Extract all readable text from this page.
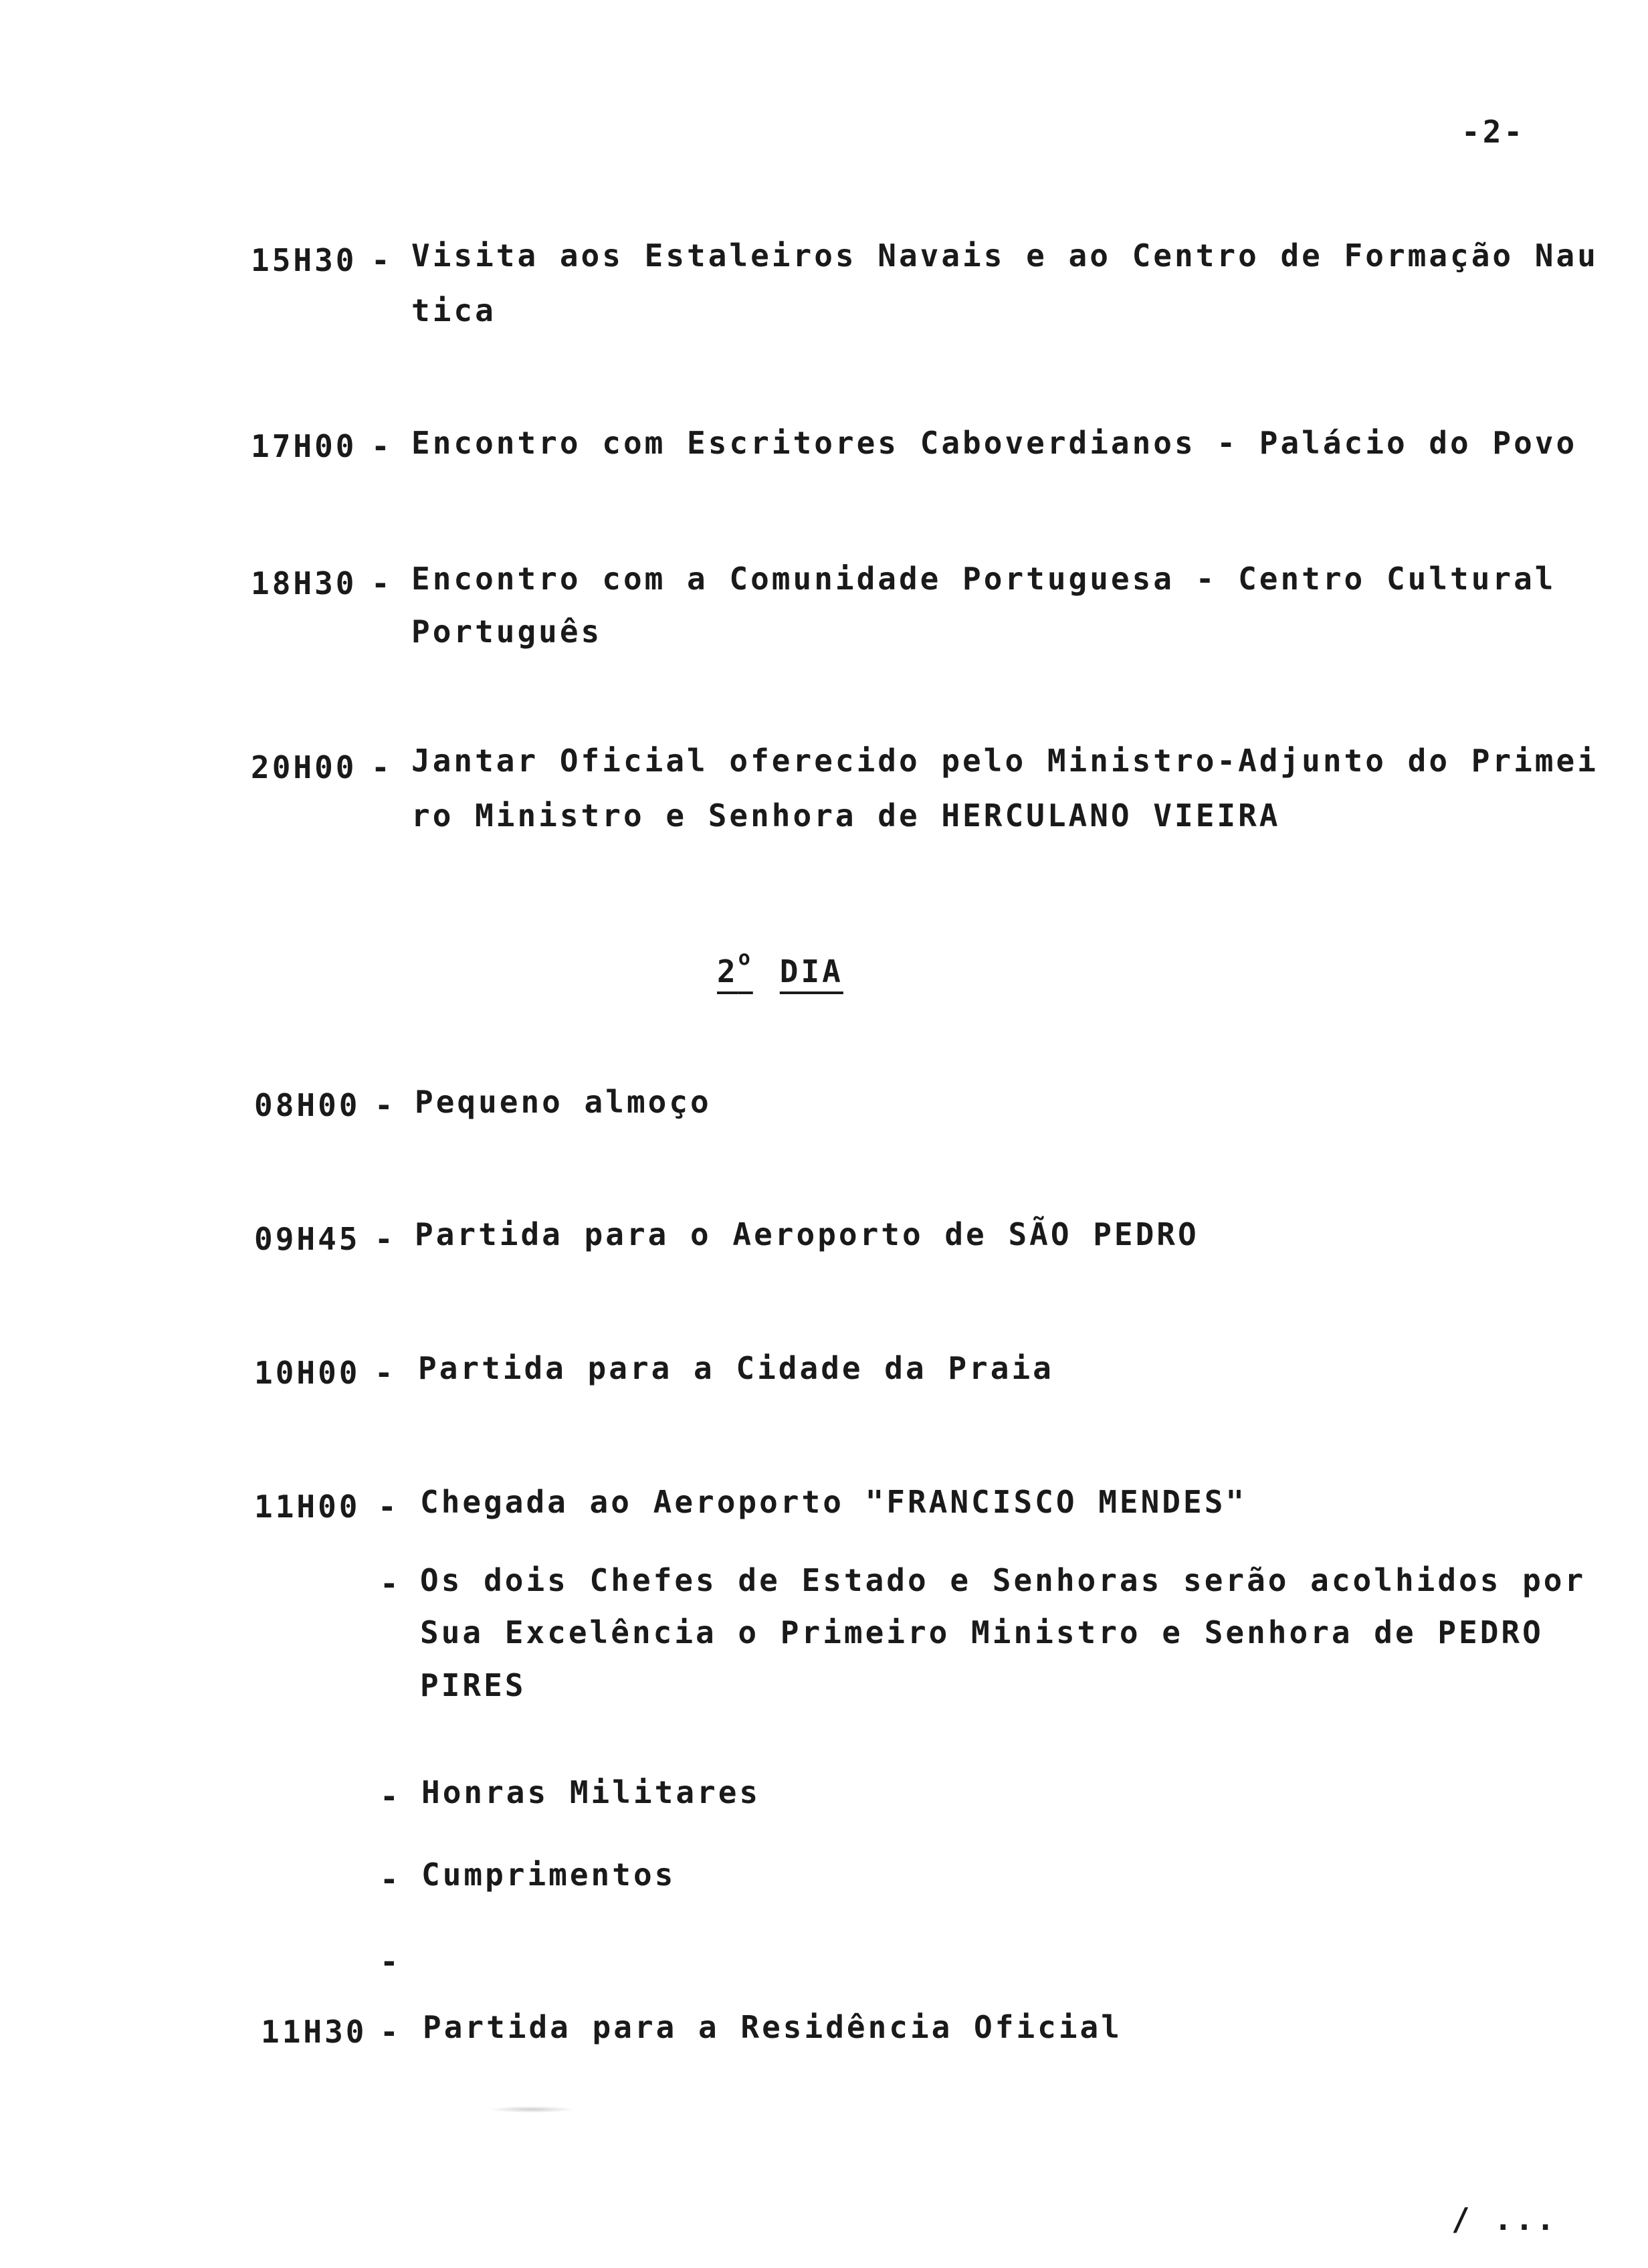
-2-
15H30 - Visita aos Estaleiros Navais e ao Centro de Formação Nau
tica
17H00 - Encontro com Escritores Caboverdianos - Palácio do Povo
18H30 - Encontro com a Comunidade Portuguesa - Centro Cultural
Português
20H00 - Jantar Oficial oferecido pelo Ministro-Adjunto do Primei
ro Ministro e Senhora de HERCULANO VIEIRA
2$^o$ DIA
08H00 - Pequeno almoço
09H45 - Partida para o Aeroporto de SÃO PEDRO
10H00 - Partida para a Cidade da Praia
11H00 - Chegada ao Aeroporto "FRANCISCO MENDES"
- Os dois Chefes de Estado e Senhoras serão acolhidos por
Sua Excelência o Primeiro Ministro e Senhora de PEDRO
PIRES
- Honras Militares
- Cumprimentos
-
11H30 - Partida para a Residência Oficial
/ ...
